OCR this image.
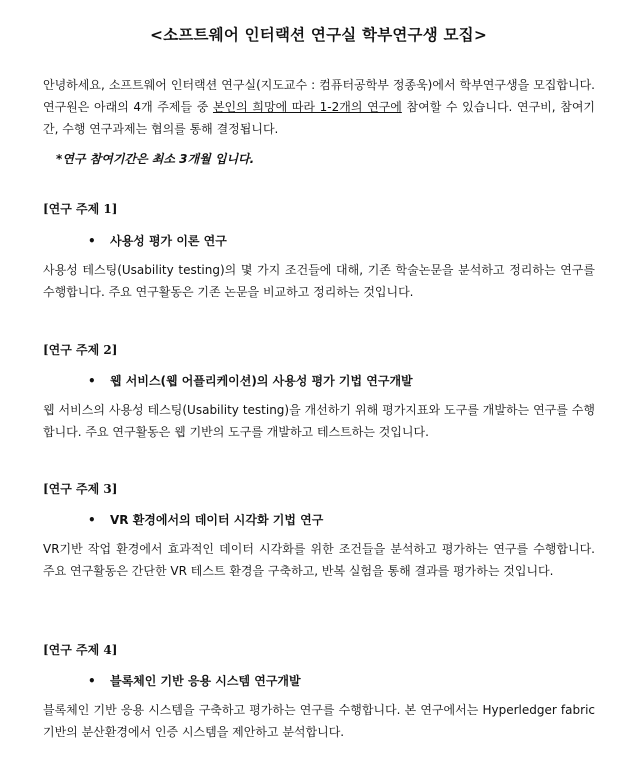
<소프트웨어 인터랙션 연구실 학부연구생 모집>

안녕하세요, 소프트웨어 인터랙션 연구실(지도교수 : 컴퓨터공학부 정종욱)에서 학부연구생을 모집합니다. 연구원은 아래의 4개 주제들 중 본인의 희망에 따라 1-2개의 연구에 참여할 수 있습니다. 연구비, 참여기간, 수행 연구과제는 협의를 통해 결정됩니다.

*연구 참여기간은 최소 3개월 입니다.
[연구 주제 1]
• 사용성 평가 이론 연구

사용성 테스팅(Usability testing)의 몇 가지 조건들에 대해, 기존 학술논문을 분석하고 정리하는 연구를 수행합니다. 주요 연구활동은 기존 논문을 비교하고 정리하는 것입니다.

[연구 주제 2]
• 웹 서비스(웹 어플리케이션)의 사용성 평가 기법 연구개발

웹 서비스의 사용성 테스팅(Usability testing)을 개선하기 위해 평가지표와 도구를 개발하는 연구를 수행합니다. 주요 연구활동은 웹 기반의 도구를 개발하고 테스트하는 것입니다.

[연구 주제 3]
• VR 환경에서의 데이터 시각화 기법 연구

VR기반 작업 환경에서 효과적인 데이터 시각화를 위한 조건들을 분석하고 평가하는 연구를 수행합니다. 주요 연구활동은 간단한 VR 테스트 환경을 구축하고, 반복 실험을 통해 결과를 평가하는 것입니다.

[연구 주제 4]
• 블록체인 기반 응용 시스템 연구개발

블록체인 기반 응용 시스템을 구축하고 평가하는 연구를 수행합니다. 본 연구에서는 Hyperledger fabric기반의 분산환경에서 인증 시스템을 제안하고 분석합니다.
